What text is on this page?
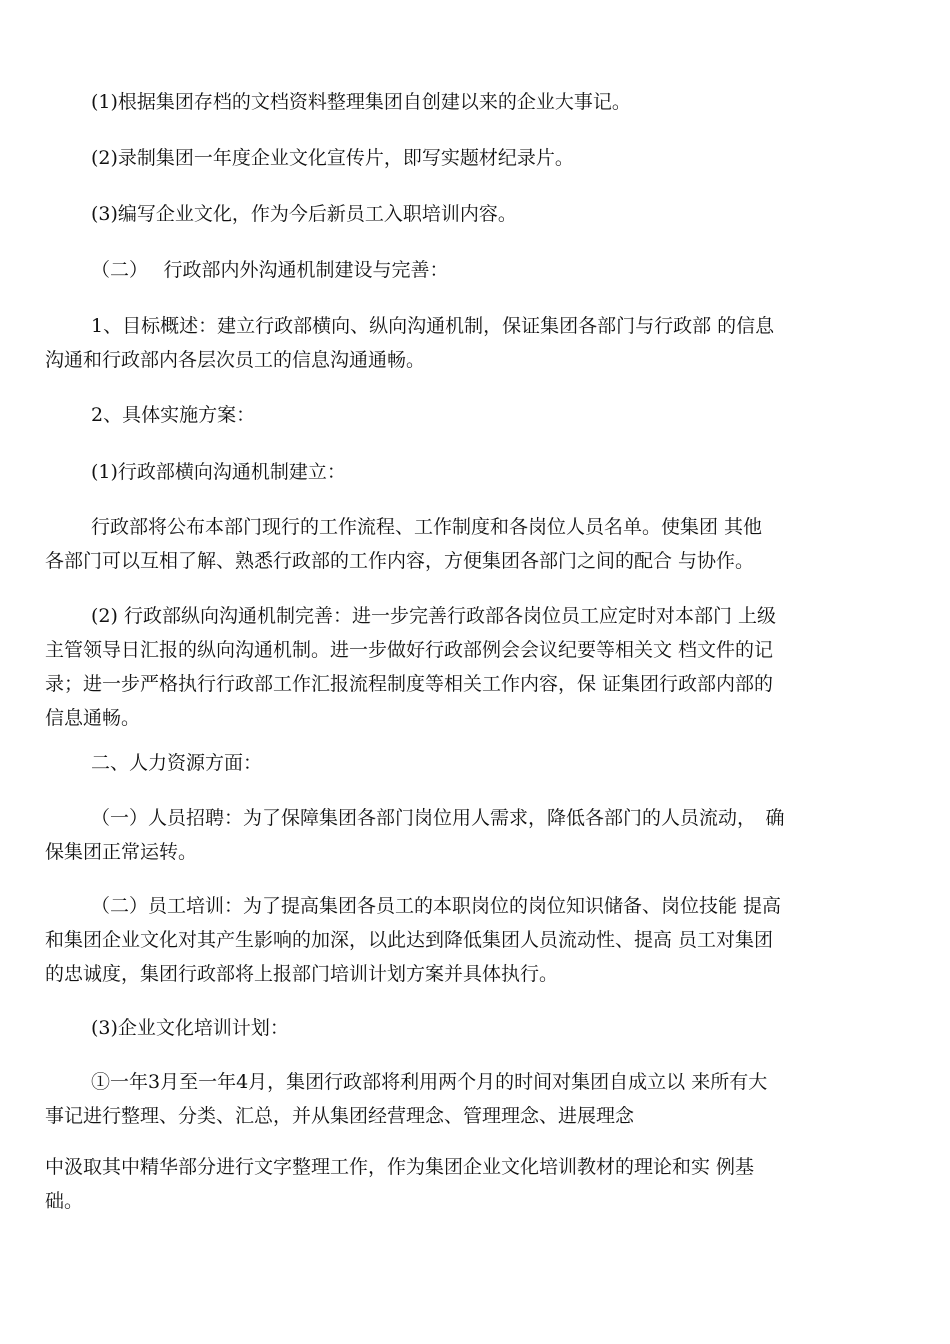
(1)根据集团存档的文档资料整理集团自创建以来的企业大事记。

(2)录制集团一年度企业文化宣传片，即写实题材纪录片。

(3)编写企业文化，作为今后新员工入职培训内容。

（二）　 行政部内外沟通机制建设与完善：

1、目标概述：建立行政部横向、纵向沟通机制，保证集团各部门与行政部 的信息
沟通和行政部内各层次员工的信息沟通通畅。

2、具体实施方案：

(1)行政部横向沟通机制建立：

行政部将公布本部门现行的工作流程、工作制度和各岗位人员名单。使集团 其他
各部门可以互相了解、熟悉行政部的工作内容，方便集团各部门之间的配合 与协作。

(2) 行政部纵向沟通机制完善：进一步完善行政部各岗位员工应定时对本部门 上级
主管领导日汇报的纵向沟通机制。进一步做好行政部例会会议纪要等相关文 档文件的记
录；进一步严格执行行政部工作汇报流程制度等相关工作内容，保 证集团行政部内部的
信息通畅。

二、人力资源方面：

（一）人员招聘：为了保障集团各部门岗位用人需求，降低各部门的人员流动，　确
保集团正常运转。

（二）员工培训：为了提高集团各员工的本职岗位的岗位知识储备、岗位技能 提高
和集团企业文化对其产生影响的加深，以此达到降低集团人员流动性、提高 员工对集团
的忠诚度，集团行政部将上报部门培训计划方案并具体执行。

(3)企业文化培训计划：

①一年3月至一年4月，集团行政部将利用两个月的时间对集团自成立以 来所有大
事记进行整理、分类、汇总，并从集团经营理念、管理理念、进展理念

中汲取其中精华部分进行文字整理工作，作为集团企业文化培训教材的理论和实 例基
础。
